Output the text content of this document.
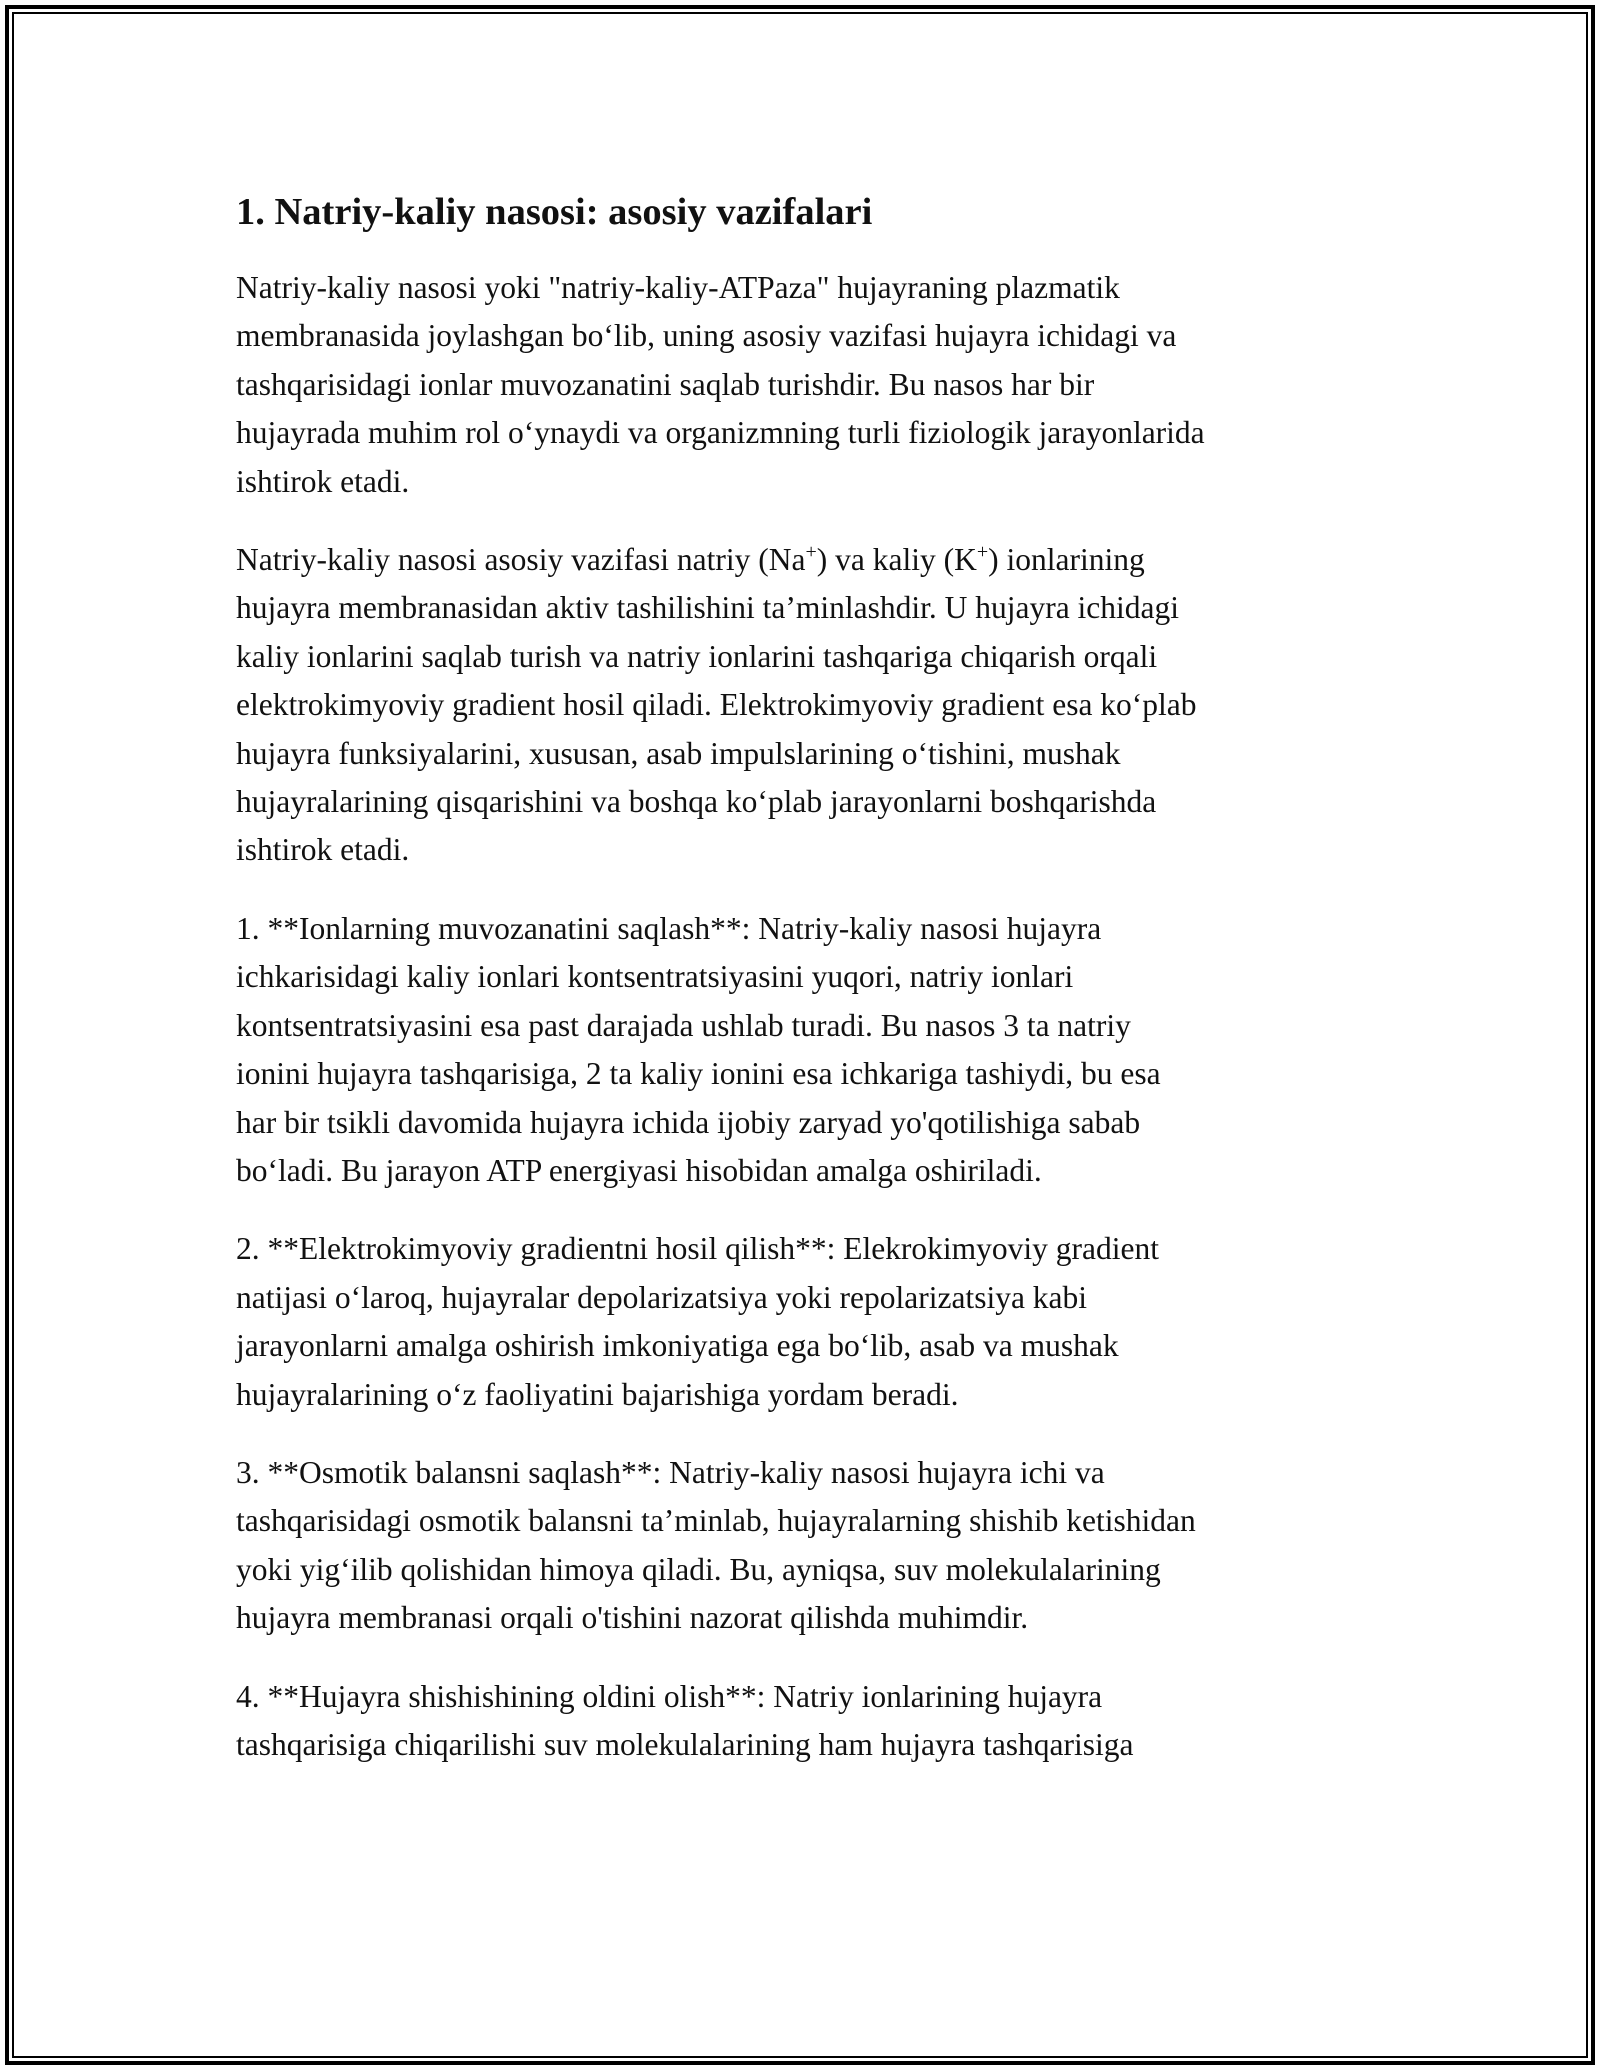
1. Natriy-kaliy nasosi: asosiy vazifalari

Natriy-kaliy nasosi yoki "natriy-kaliy-ATPaza" hujayraning plazmatik
membranasida joylashgan bo‘lib, uning asosiy vazifasi hujayra ichidagi va
tashqarisidagi ionlar muvozanatini saqlab turishdir. Bu nasos har bir
hujayrada muhim rol o‘ynaydi va organizmning turli fiziologik jarayonlarida
ishtirok etadi.

Natriy-kaliy nasosi asosiy vazifasi natriy (Na+) va kaliy (K+) ionlarining
hujayra membranasidan aktiv tashilishini ta’minlashdir. U hujayra ichidagi
kaliy ionlarini saqlab turish va natriy ionlarini tashqariga chiqarish orqali
elektrokimyoviy gradient hosil qiladi. Elektrokimyoviy gradient esa ko‘plab
hujayra funksiyalarini, xususan, asab impulslarining o‘tishini, mushak
hujayralarining qisqarishini va boshqa ko‘plab jarayonlarni boshqarishda
ishtirok etadi.

1. **Ionlarning muvozanatini saqlash**: Natriy-kaliy nasosi hujayra
ichkarisidagi kaliy ionlari kontsentratsiyasini yuqori, natriy ionlari
kontsentratsiyasini esa past darajada ushlab turadi. Bu nasos 3 ta natriy
ionini hujayra tashqarisiga, 2 ta kaliy ionini esa ichkariga tashiydi, bu esa
har bir tsikli davomida hujayra ichida ijobiy zaryad yo'qotilishiga sabab
bo‘ladi. Bu jarayon ATP energiyasi hisobidan amalga oshiriladi.

2. **Elektrokimyoviy gradientni hosil qilish**: Elekrokimyoviy gradient
natijasi o‘laroq, hujayralar depolarizatsiya yoki repolarizatsiya kabi
jarayonlarni amalga oshirish imkoniyatiga ega bo‘lib, asab va mushak
hujayralarining o‘z faoliyatini bajarishiga yordam beradi.

3. **Osmotik balansni saqlash**: Natriy-kaliy nasosi hujayra ichi va
tashqarisidagi osmotik balansni ta’minlab, hujayralarning shishib ketishidan
yoki yig‘ilib qolishidan himoya qiladi. Bu, ayniqsa, suv molekulalarining
hujayra membranasi orqali o'tishini nazorat qilishda muhimdir.

4. **Hujayra shishishining oldini olish**: Natriy ionlarining hujayra
tashqarisiga chiqarilishi suv molekulalarining ham hujayra tashqarisiga
